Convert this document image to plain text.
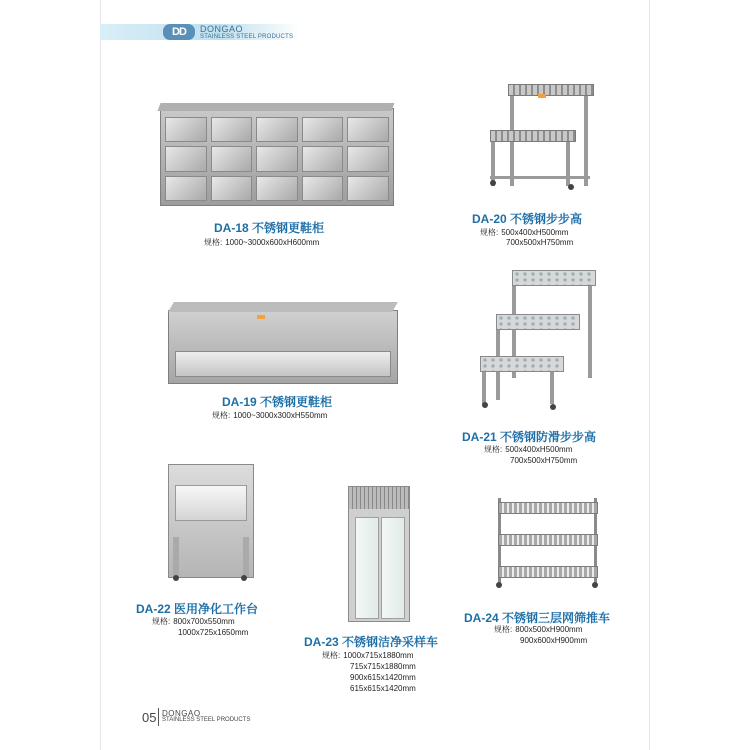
DD	DONGAO
STAINLESS STEEL PRODUCTS
DA-18 不锈钢更鞋柜
规格: 1000~3000x600xH600mm
DA-20 不锈钢步步高
规格: 500x400xH500mm
700x500xH750mm
DA-19 不锈钢更鞋柜
规格: 1000~3000x300xH550mm
DA-21 不锈钢防滑步步高
规格: 500x400xH500mm
700x500xH750mm
DA-22 医用净化工作台
规格: 800x700x550mm
1000x725x1650mm
DA-23 不锈钢洁净采样车
规格: 1000x715x1880mm
715x715x1880mm
900x615x1420mm
615x615x1420mm
DA-24 不锈钢三层网筛推车
规格: 800x500xH900mm
900x600xH900mm
05 DONGAO
STAINLESS STEEL PRODUCTS
